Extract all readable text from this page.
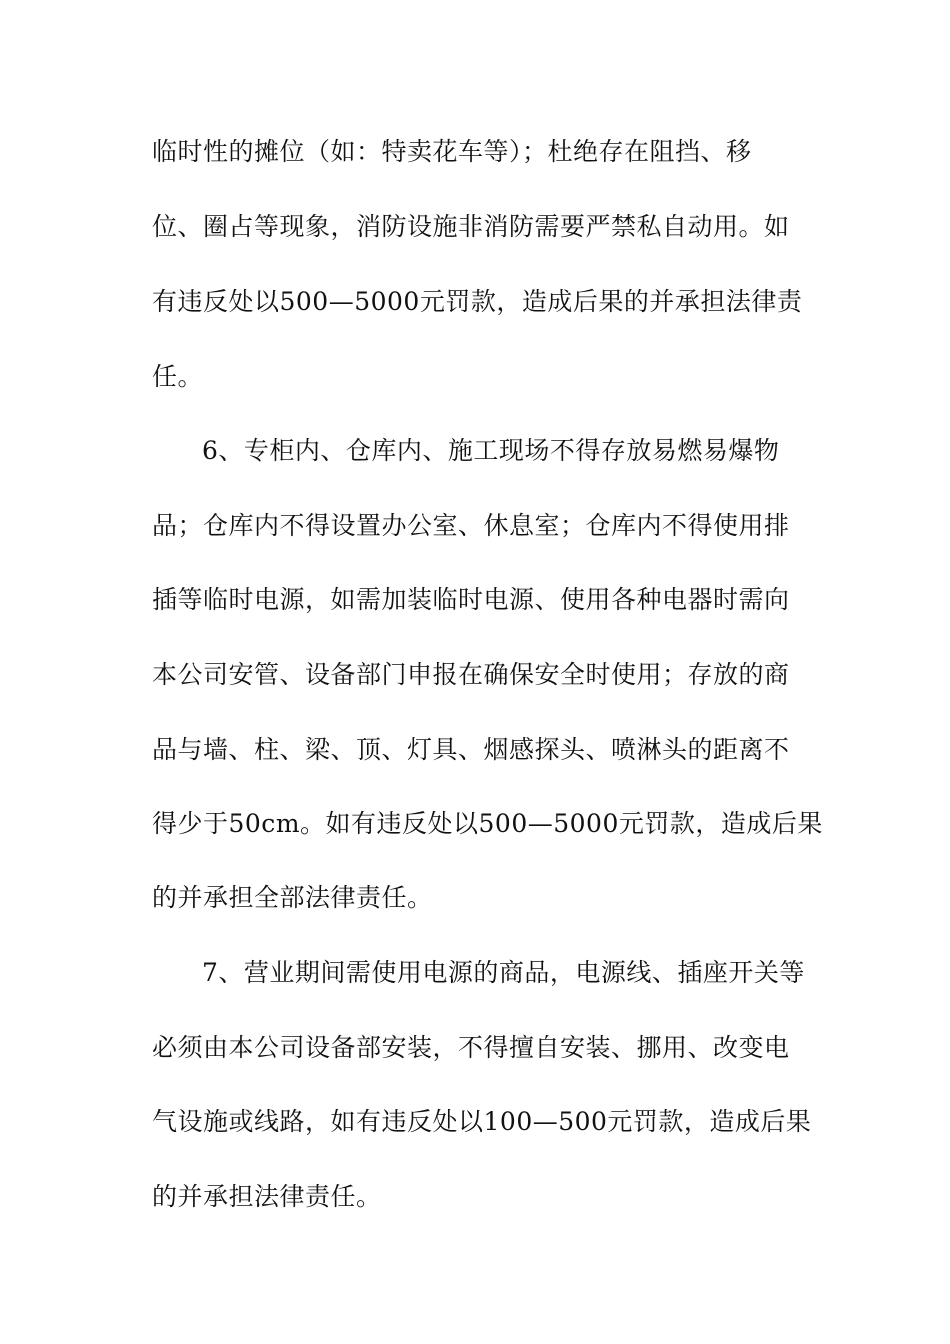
临时性的摊位（如：特卖花车等）；杜绝存在阻挡、移
位、圈占等现象，消防设施非消防需要严禁私自动用。如
有违反处以500—5000元罚款，造成后果的并承担法律责
任。
6、专柜内、仓库内、施工现场不得存放易燃易爆物
品；仓库内不得设置办公室、休息室；仓库内不得使用排
插等临时电源，如需加装临时电源、使用各种电器时需向
本公司安管、设备部门申报在确保安全时使用；存放的商
品与墙、柱、梁、顶、灯具、烟感探头、喷淋头的距离不
得少于50cm。如有违反处以500—5000元罚款，造成后果
的并承担全部法律责任。
7、营业期间需使用电源的商品，电源线、插座开关等
必须由本公司设备部安装，不得擅自安装、挪用、改变电
气设施或线路，如有违反处以100—500元罚款，造成后果
的并承担法律责任。
